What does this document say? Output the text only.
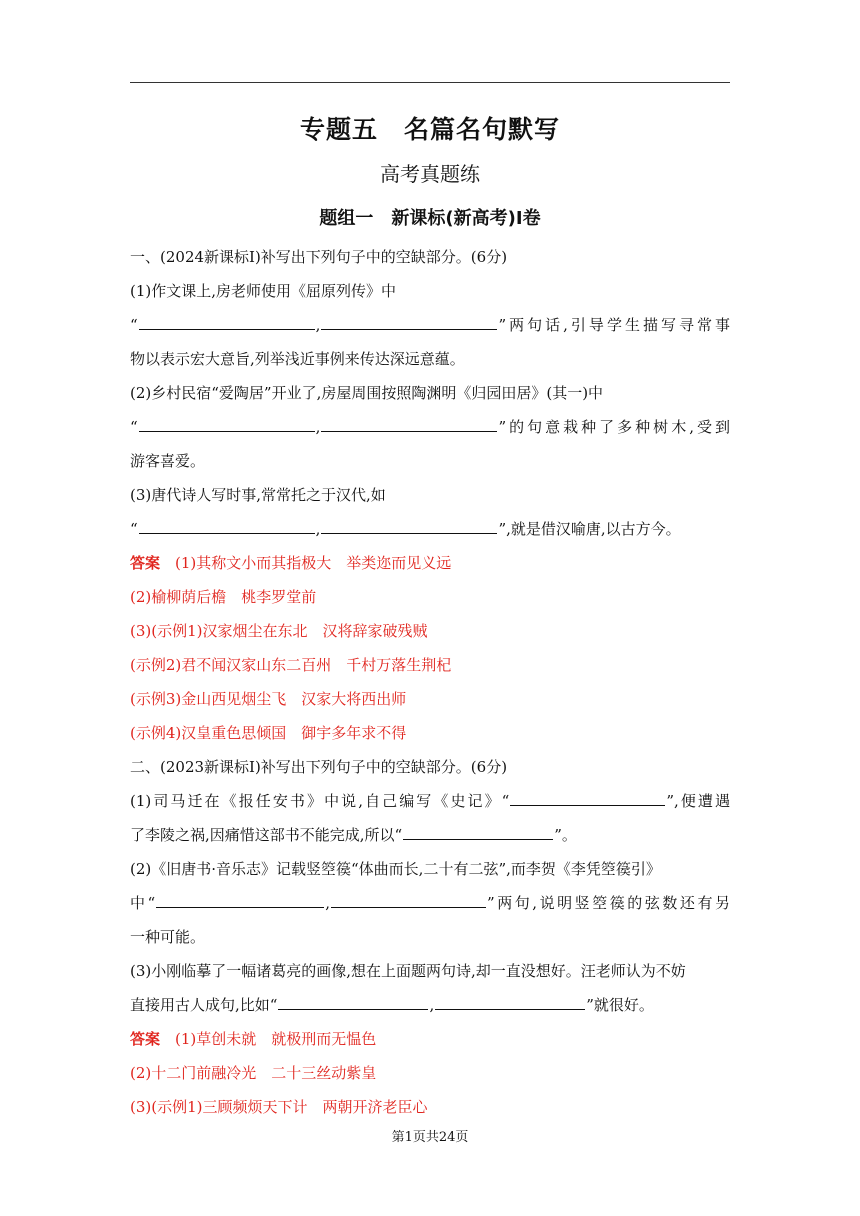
专题五　名篇名句默写
高考真题练
题组一　新课标(新高考)Ⅰ卷
一、(2024新课标Ⅰ)补写出下列句子中的空缺部分。(6分)
(1)作文课上,房老师使用《屈原列传》中
“	,	”两句话,引导学生描写寻常事
物以表示宏大意旨,列举浅近事例来传达深远意蕴。
(2)乡村民宿“爱陶居”开业了,房屋周围按照陶渊明《归园田居》(其一)中
“	,	”的句意栽种了多种树木,受到
游客喜爱。
(3)唐代诗人写时事,常常托之于汉代,如
“	,	”,就是借汉喻唐,以古方今。
答案　(1)其称文小而其指极大　举类迩而见义远
(2)榆柳荫后檐　桃李罗堂前
(3)(示例1)汉家烟尘在东北　汉将辞家破残贼
(示例2)君不闻汉家山东二百州　千村万落生荆杞
(示例3)金山西见烟尘飞　汉家大将西出师
(示例4)汉皇重色思倾国　御宇多年求不得
二、(2023新课标Ⅰ)补写出下列句子中的空缺部分。(6分)
(1)司马迁在《报任安书》中说,自己编写《史记》“	”,便遭遇
了李陵之祸,因痛惜这部书不能完成,所以“	”。
(2)《旧唐书·音乐志》记载竖箜篌“体曲而长,二十有二弦”,而李贺《李凭箜篌引》
中“	,	”两句,说明竖箜篌的弦数还有另
一种可能。
(3)小刚临摹了一幅诸葛亮的画像,想在上面题两句诗,却一直没想好。汪老师认为不妨
直接用古人成句,比如“	,	”就很好。
答案　(1)草创未就　就极刑而无愠色
(2)十二门前融冷光　二十三丝动紫皇
(3)(示例1)三顾频烦天下计　两朝开济老臣心
第1页共24页
